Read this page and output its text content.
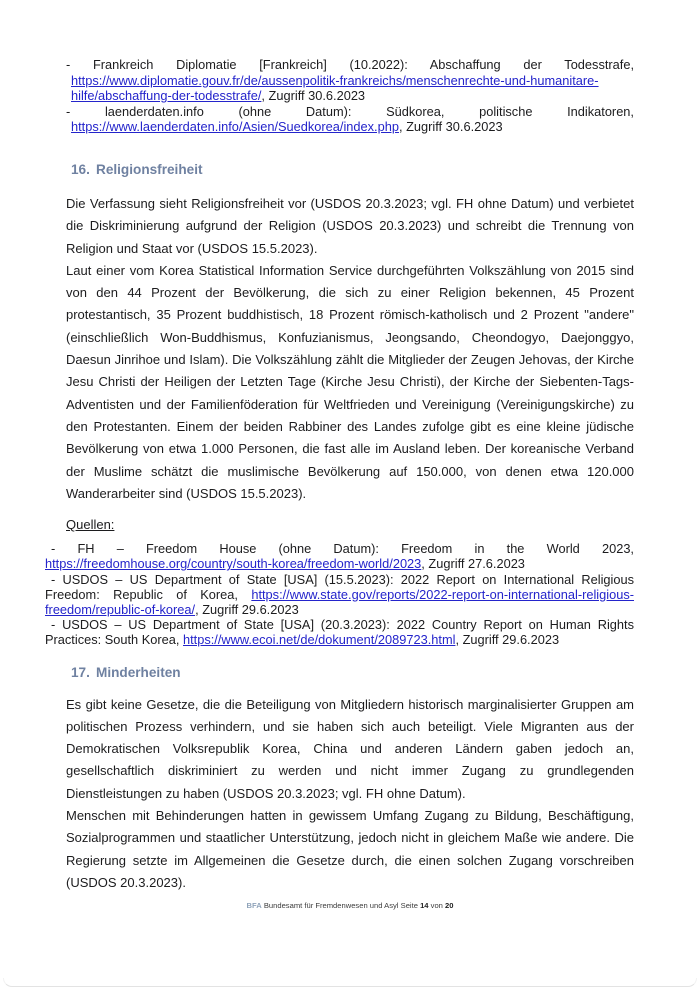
- Frankreich Diplomatie [Frankreich] (10.2022): Abschaffung der Todesstrafe, https://www.diplomatie.gouv.fr/de/aussenpolitik-frankreichs/menschenrechte-und-humanitare-hilfe/abschaffung-der-todesstrafe/, Zugriff 30.6.2023

-	laenderdaten.info (ohne Datum): Südkorea, politische Indikatoren, https://www.laenderdaten.info/Asien/Suedkorea/index.php, Zugriff 30.6.2023

16. Religionsfreiheit

Die Verfassung sieht Religionsfreiheit vor (USDOS 20.3.2023; vgl. FH ohne Datum) und verbietet die Diskriminierung aufgrund der Religion (USDOS 20.3.2023) und schreibt die Trennung von Religion und Staat vor (USDOS 15.5.2023).

Laut einer vom Korea Statistical Information Service durchgeführten Volkszählung von 2015 sind von den 44 Prozent der Bevölkerung, die sich zu einer Religion bekennen, 45 Prozent protestantisch, 35 Prozent buddhistisch, 18 Prozent römisch-katholisch und 2 Prozent "andere" (einschließlich Won-Buddhismus, Konfuzianismus, Jeongsando, Cheondogyo, Daejonggyo, Daesun Jinrihoe und Islam). Die Volkszählung zählt die Mitglieder der Zeugen Jehovas, der Kirche Jesu Christi der Heiligen der Letzten Tage (Kirche Jesu Christi), der Kirche der Siebenten-Tags-Adventisten und der Familienföderation für Weltfrieden und Vereinigung (Vereinigungskirche) zu den Protestanten. Einem der beiden Rabbiner des Landes zufolge gibt es eine kleine jüdische Bevölkerung von etwa 1.000 Personen, die fast alle im Ausland leben. Der koreanische Verband der Muslime schätzt die muslimische Bevölkerung auf 150.000, von denen etwa 120.000 Wanderarbeiter sind (USDOS 15.5.2023).

Quellen:

- FH – Freedom House (ohne Datum): Freedom in the World 2023, https://freedomhouse.org/country/south-korea/freedom-world/2023, Zugriff 27.6.2023

- USDOS – US Department of State [USA] (15.5.2023): 2022 Report on International Religious Freedom: Republic of Korea, https://www.state.gov/reports/2022-report-on-international-religious-freedom/republic-of-korea/, Zugriff 29.6.2023

- USDOS – US Department of State [USA] (20.3.2023): 2022 Country Report on Human Rights Practices: South Korea, https://www.ecoi.net/de/dokument/2089723.html, Zugriff 29.6.2023

17. Minderheiten

Es gibt keine Gesetze, die die Beteiligung von Mitgliedern historisch marginalisierter Gruppen am politischen Prozess verhindern, und sie haben sich auch beteiligt. Viele Migranten aus der Demokratischen Volksrepublik Korea, China und anderen Ländern gaben jedoch an, gesellschaftlich diskriminiert zu werden und nicht immer Zugang zu grundlegenden Dienstleistungen zu haben (USDOS 20.3.2023; vgl. FH ohne Datum).

Menschen mit Behinderungen hatten in gewissem Umfang Zugang zu Bildung, Beschäftigung, Sozialprogrammen und staatlicher Unterstützung, jedoch nicht in gleichem Maße wie andere. Die Regierung setzte im Allgemeinen die Gesetze durch, die einen solchen Zugang vorschreiben (USDOS 20.3.2023).

BFA Bundesamt für Fremdenwesen und Asyl Seite 14 von 20
